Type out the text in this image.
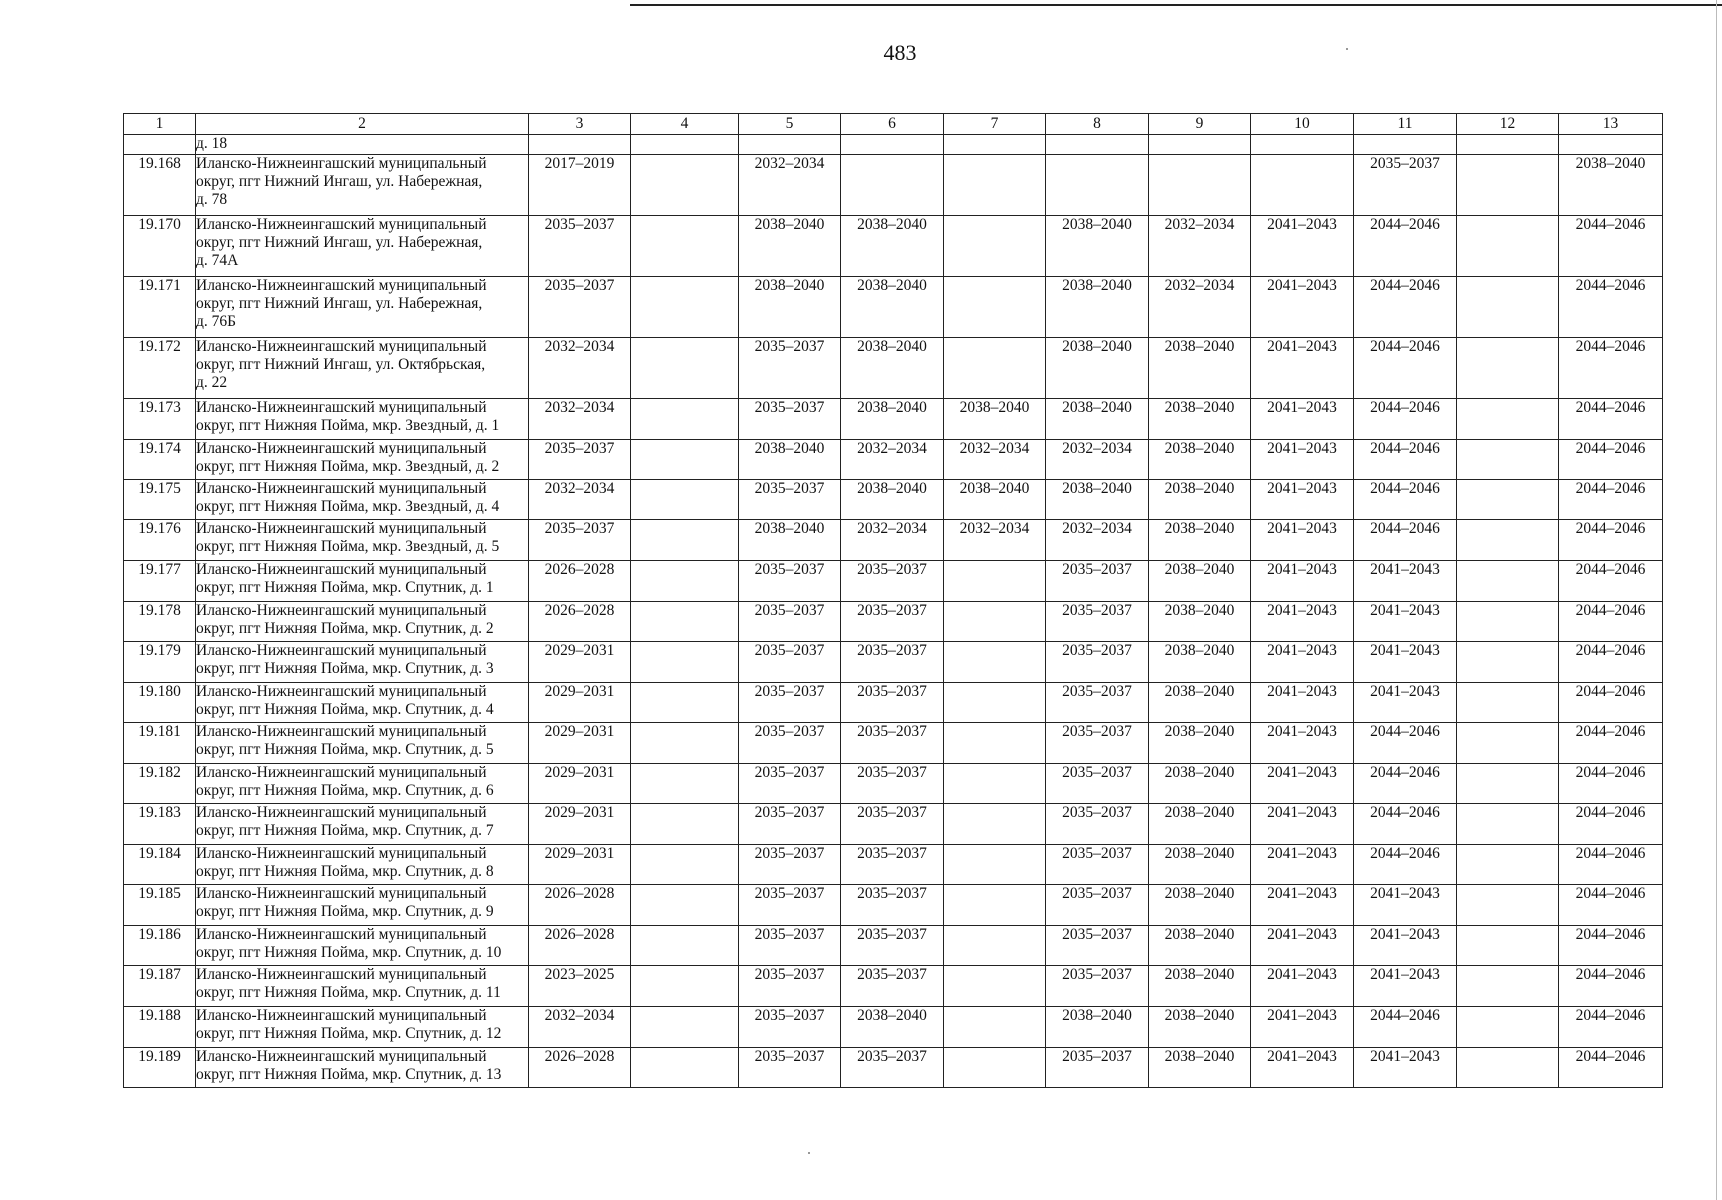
483
1	2	3	4	5	6	7	8	9	10	11	12	13
	д. 18											
19.168	Иланско-Нижнеингашский муниципальный
округ, пгт Нижний Ингаш, ул. Набережная,
д. 78	2017–2019		2032–2034						2035–2037		2038–2040
19.170	Иланско-Нижнеингашский муниципальный
округ, пгт Нижний Ингаш, ул. Набережная,
д. 74А	2035–2037		2038–2040	2038–2040		2038–2040	2032–2034	2041–2043	2044–2046		2044–2046
19.171	Иланско-Нижнеингашский муниципальный
округ, пгт Нижний Ингаш, ул. Набережная,
д. 76Б	2035–2037		2038–2040	2038–2040		2038–2040	2032–2034	2041–2043	2044–2046		2044–2046
19.172	Иланско-Нижнеингашский муниципальный
округ, пгт Нижний Ингаш, ул. Октябрьская,
д. 22	2032–2034		2035–2037	2038–2040		2038–2040	2038–2040	2041–2043	2044–2046		2044–2046
19.173	Иланско-Нижнеингашский муниципальный
округ, пгт Нижняя Пойма, мкр. Звездный, д. 1	2032–2034		2035–2037	2038–2040	2038–2040	2038–2040	2038–2040	2041–2043	2044–2046		2044–2046
19.174	Иланско-Нижнеингашский муниципальный
округ, пгт Нижняя Пойма, мкр. Звездный, д. 2	2035–2037		2038–2040	2032–2034	2032–2034	2032–2034	2038–2040	2041–2043	2044–2046		2044–2046
19.175	Иланско-Нижнеингашский муниципальный
округ, пгт Нижняя Пойма, мкр. Звездный, д. 4	2032–2034		2035–2037	2038–2040	2038–2040	2038–2040	2038–2040	2041–2043	2044–2046		2044–2046
19.176	Иланско-Нижнеингашский муниципальный
округ, пгт Нижняя Пойма, мкр. Звездный, д. 5	2035–2037		2038–2040	2032–2034	2032–2034	2032–2034	2038–2040	2041–2043	2044–2046		2044–2046
19.177	Иланско-Нижнеингашский муниципальный
округ, пгт Нижняя Пойма, мкр. Спутник, д. 1	2026–2028		2035–2037	2035–2037		2035–2037	2038–2040	2041–2043	2041–2043		2044–2046
19.178	Иланско-Нижнеингашский муниципальный
округ, пгт Нижняя Пойма, мкр. Спутник, д. 2	2026–2028		2035–2037	2035–2037		2035–2037	2038–2040	2041–2043	2041–2043		2044–2046
19.179	Иланско-Нижнеингашский муниципальный
округ, пгт Нижняя Пойма, мкр. Спутник, д. 3	2029–2031		2035–2037	2035–2037		2035–2037	2038–2040	2041–2043	2041–2043		2044–2046
19.180	Иланско-Нижнеингашский муниципальный
округ, пгт Нижняя Пойма, мкр. Спутник, д. 4	2029–2031		2035–2037	2035–2037		2035–2037	2038–2040	2041–2043	2041–2043		2044–2046
19.181	Иланско-Нижнеингашский муниципальный
округ, пгт Нижняя Пойма, мкр. Спутник, д. 5	2029–2031		2035–2037	2035–2037		2035–2037	2038–2040	2041–2043	2044–2046		2044–2046
19.182	Иланско-Нижнеингашский муниципальный
округ, пгт Нижняя Пойма, мкр. Спутник, д. 6	2029–2031		2035–2037	2035–2037		2035–2037	2038–2040	2041–2043	2044–2046		2044–2046
19.183	Иланско-Нижнеингашский муниципальный
округ, пгт Нижняя Пойма, мкр. Спутник, д. 7	2029–2031		2035–2037	2035–2037		2035–2037	2038–2040	2041–2043	2044–2046		2044–2046
19.184	Иланско-Нижнеингашский муниципальный
округ, пгт Нижняя Пойма, мкр. Спутник, д. 8	2029–2031		2035–2037	2035–2037		2035–2037	2038–2040	2041–2043	2044–2046		2044–2046
19.185	Иланско-Нижнеингашский муниципальный
округ, пгт Нижняя Пойма, мкр. Спутник, д. 9	2026–2028		2035–2037	2035–2037		2035–2037	2038–2040	2041–2043	2041–2043		2044–2046
19.186	Иланско-Нижнеингашский муниципальный
округ, пгт Нижняя Пойма, мкр. Спутник, д. 10	2026–2028		2035–2037	2035–2037		2035–2037	2038–2040	2041–2043	2041–2043		2044–2046
19.187	Иланско-Нижнеингашский муниципальный
округ, пгт Нижняя Пойма, мкр. Спутник, д. 11	2023–2025		2035–2037	2035–2037		2035–2037	2038–2040	2041–2043	2041–2043		2044–2046
19.188	Иланско-Нижнеингашский муниципальный
округ, пгт Нижняя Пойма, мкр. Спутник, д. 12	2032–2034		2035–2037	2038–2040		2038–2040	2038–2040	2041–2043	2044–2046		2044–2046
19.189	Иланско-Нижнеингашский муниципальный
округ, пгт Нижняя Пойма, мкр. Спутник, д. 13	2026–2028		2035–2037	2035–2037		2035–2037	2038–2040	2041–2043	2041–2043		2044–2046
